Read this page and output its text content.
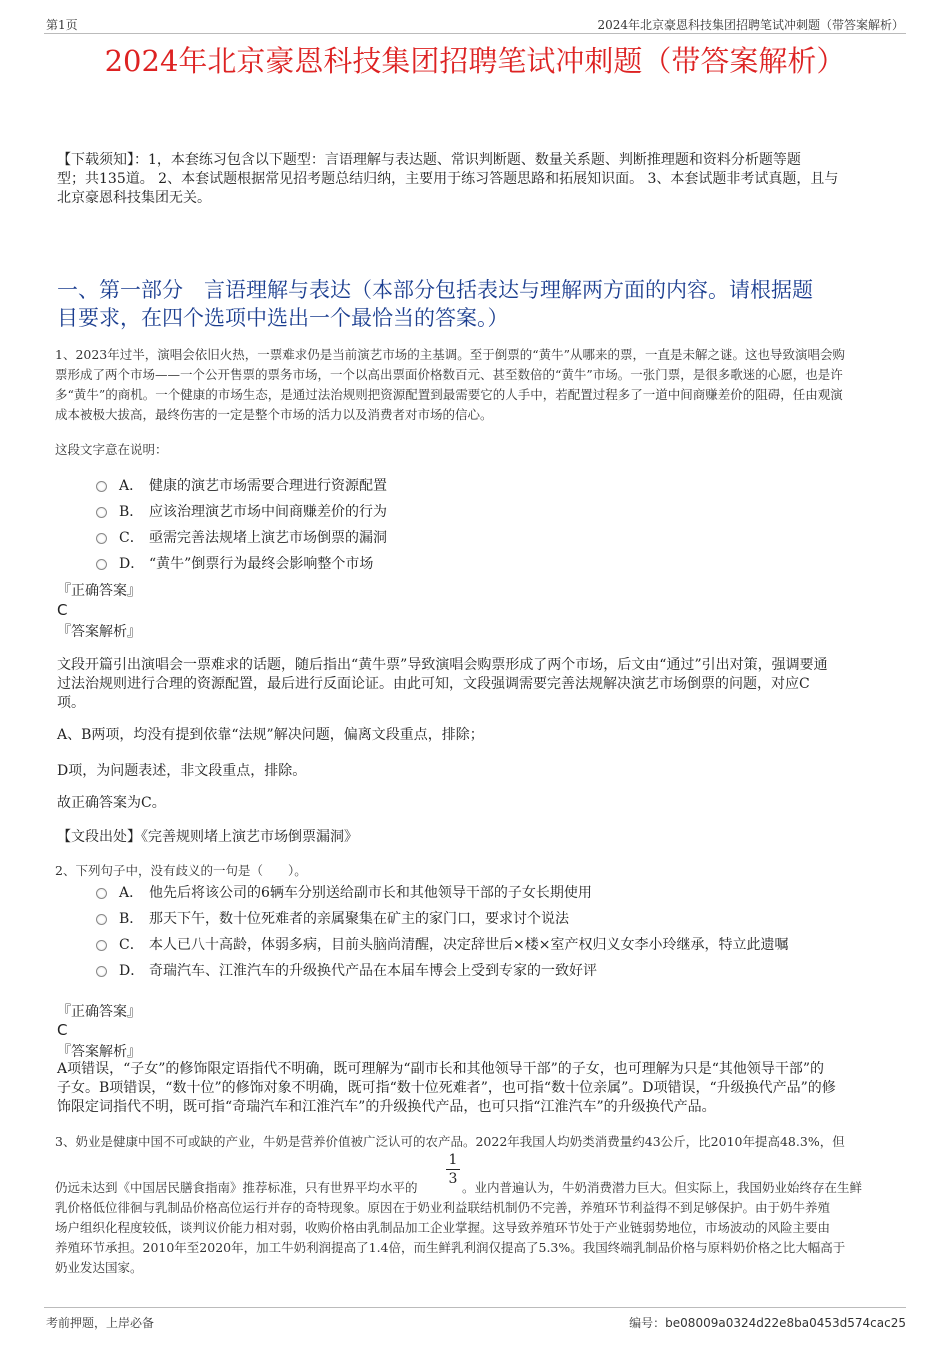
第1页	2024年北京豪恩科技集团招聘笔试冲刺题（带答案解析）
2024年北京豪恩科技集团招聘笔试冲刺题（带答案解析）
【下载须知】：1，本套练习包含以下题型：言语理解与表达题、常识判断题、数量关系题、判断推理题和资料分析题等题
型；共135道。 2、本套试题根据常见招考题总结归纳，主要用于练习答题思路和拓展知识面。 3、本套试题非考试真题，且与
北京豪恩科技集团无关。
一、第一部分　言语理解与表达（本部分包括表达与理解两方面的内容。请根据题
目要求，在四个选项中选出一个最恰当的答案。）
1、2023年过半，演唱会依旧火热，一票难求仍是当前演艺市场的主基调。至于倒票的“黄牛”从哪来的票，一直是未解之谜。这也导致演唱会购
票形成了两个市场——一个公开售票的票务市场，一个以高出票面价格数百元、甚至数倍的“黄牛”市场。一张门票，是很多歌迷的心愿，也是许
多“黄牛”的商机。一个健康的市场生态，是通过法治规则把资源配置到最需要它的人手中，若配置过程多了一道中间商赚差价的阻碍，任由观演
成本被极大拔高，最终伤害的一定是整个市场的活力以及消费者对市场的信心。
这段文字意在说明：
A． 健康的演艺市场需要合理进行资源配置
B． 应该治理演艺市场中间商赚差价的行为
C． 亟需完善法规堵上演艺市场倒票的漏洞
D． “黄牛”倒票行为最终会影响整个市场
『正确答案』
C
『答案解析』
文段开篇引出演唱会一票难求的话题，随后指出“黄牛票”导致演唱会购票形成了两个市场，后文由“通过”引出对策，强调要通
过法治规则进行合理的资源配置，最后进行反面论证。由此可知，文段强调需要完善法规解决演艺市场倒票的问题，对应C
项。
A、B两项，均没有提到依靠“法规”解决问题，偏离文段重点，排除；
D项，为问题表述，非文段重点，排除。
故正确答案为C。
【文段出处】《完善规则堵上演艺市场倒票漏洞》
2、下列句子中，没有歧义的一句是（　　）。
A． 他先后将该公司的6辆车分别送给副市长和其他领导干部的子女长期使用
B． 那天下午，数十位死难者的亲属聚集在矿主的家门口，要求讨个说法
C． 本人已八十高龄，体弱多病，目前头脑尚清醒，决定辞世后×楼×室产权归义女李小玲继承，特立此遗嘱
D． 奇瑞汽车、江淮汽车的升级换代产品在本届车博会上受到专家的一致好评
『正确答案』
C
『答案解析』
A项错误，“子女”的修饰限定语指代不明确，既可理解为“副市长和其他领导干部”的子女，也可理解为只是“其他领导干部”的
子女。B项错误，“数十位”的修饰对象不明确，既可指“数十位死难者”，也可指“数十位亲属”。D项错误，“升级换代产品”的修
饰限定词指代不明，既可指“奇瑞汽车和江淮汽车”的升级换代产品，也可只指“江淮汽车”的升级换代产品。
3、奶业是健康中国不可或缺的产业，牛奶是营养价值被广泛认可的农产品。2022年我国人均奶类消费量约43公斤，比2010年提高48.3%，但
1
3
仍远未达到《中国居民膳食指南》推荐标准，只有世界平均水平的	。业内普遍认为，牛奶消费潜力巨大。但实际上，我国奶业始终存在生鲜
乳价格低位徘徊与乳制品价格高位运行并存的奇特现象。原因在于奶业利益联结机制仍不完善，养殖环节利益得不到足够保护。由于奶牛养殖
场户组织化程度较低，谈判议价能力相对弱，收购价格由乳制品加工企业掌握。这导致养殖环节处于产业链弱势地位，市场波动的风险主要由
养殖环节承担。2010年至2020年，加工牛奶利润提高了1.4倍，而生鲜乳利润仅提高了5.3%。我国终端乳制品价格与原料奶价格之比大幅高于
奶业发达国家。
考前押题，上岸必备	编号：be08009a0324d22e8ba0453d574cac25
